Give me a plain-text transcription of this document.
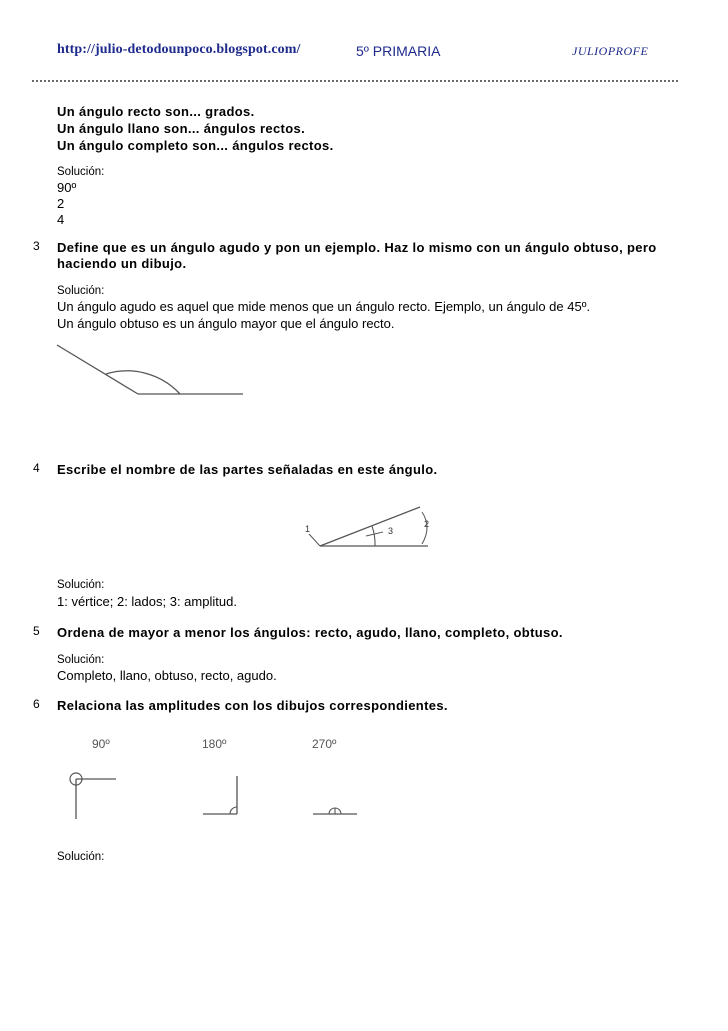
http://julio-detodounpoco.blogspot.com/	5º PRIMARIA	JULIOPROFE
Un ángulo recto son... grados.
Un ángulo llano son... ángulos rectos.
Un ángulo completo son... ángulos rectos.
Solución:
90º
2
4
3 Define que es un ángulo agudo y pon un ejemplo. Haz lo mismo con un ángulo obtuso, pero
haciendo un dibujo.
Solución:
Un ángulo agudo es aquel que mide menos que un ángulo recto. Ejemplo, un ángulo de 45º.
Un ángulo obtuso es un ángulo mayor que el ángulo recto.
4 Escribe el nombre de las partes señaladas en este ángulo.
1	2
3
Solución:
1: vértice; 2: lados; 3: amplitud.
5 Ordena de mayor a menor los ángulos: recto, agudo, llano, completo, obtuso.
Solución:
Completo, llano, obtuso, recto, agudo.
6 Relaciona las amplitudes con los dibujos correspondientes.
90º	180º	270º
Solución:
